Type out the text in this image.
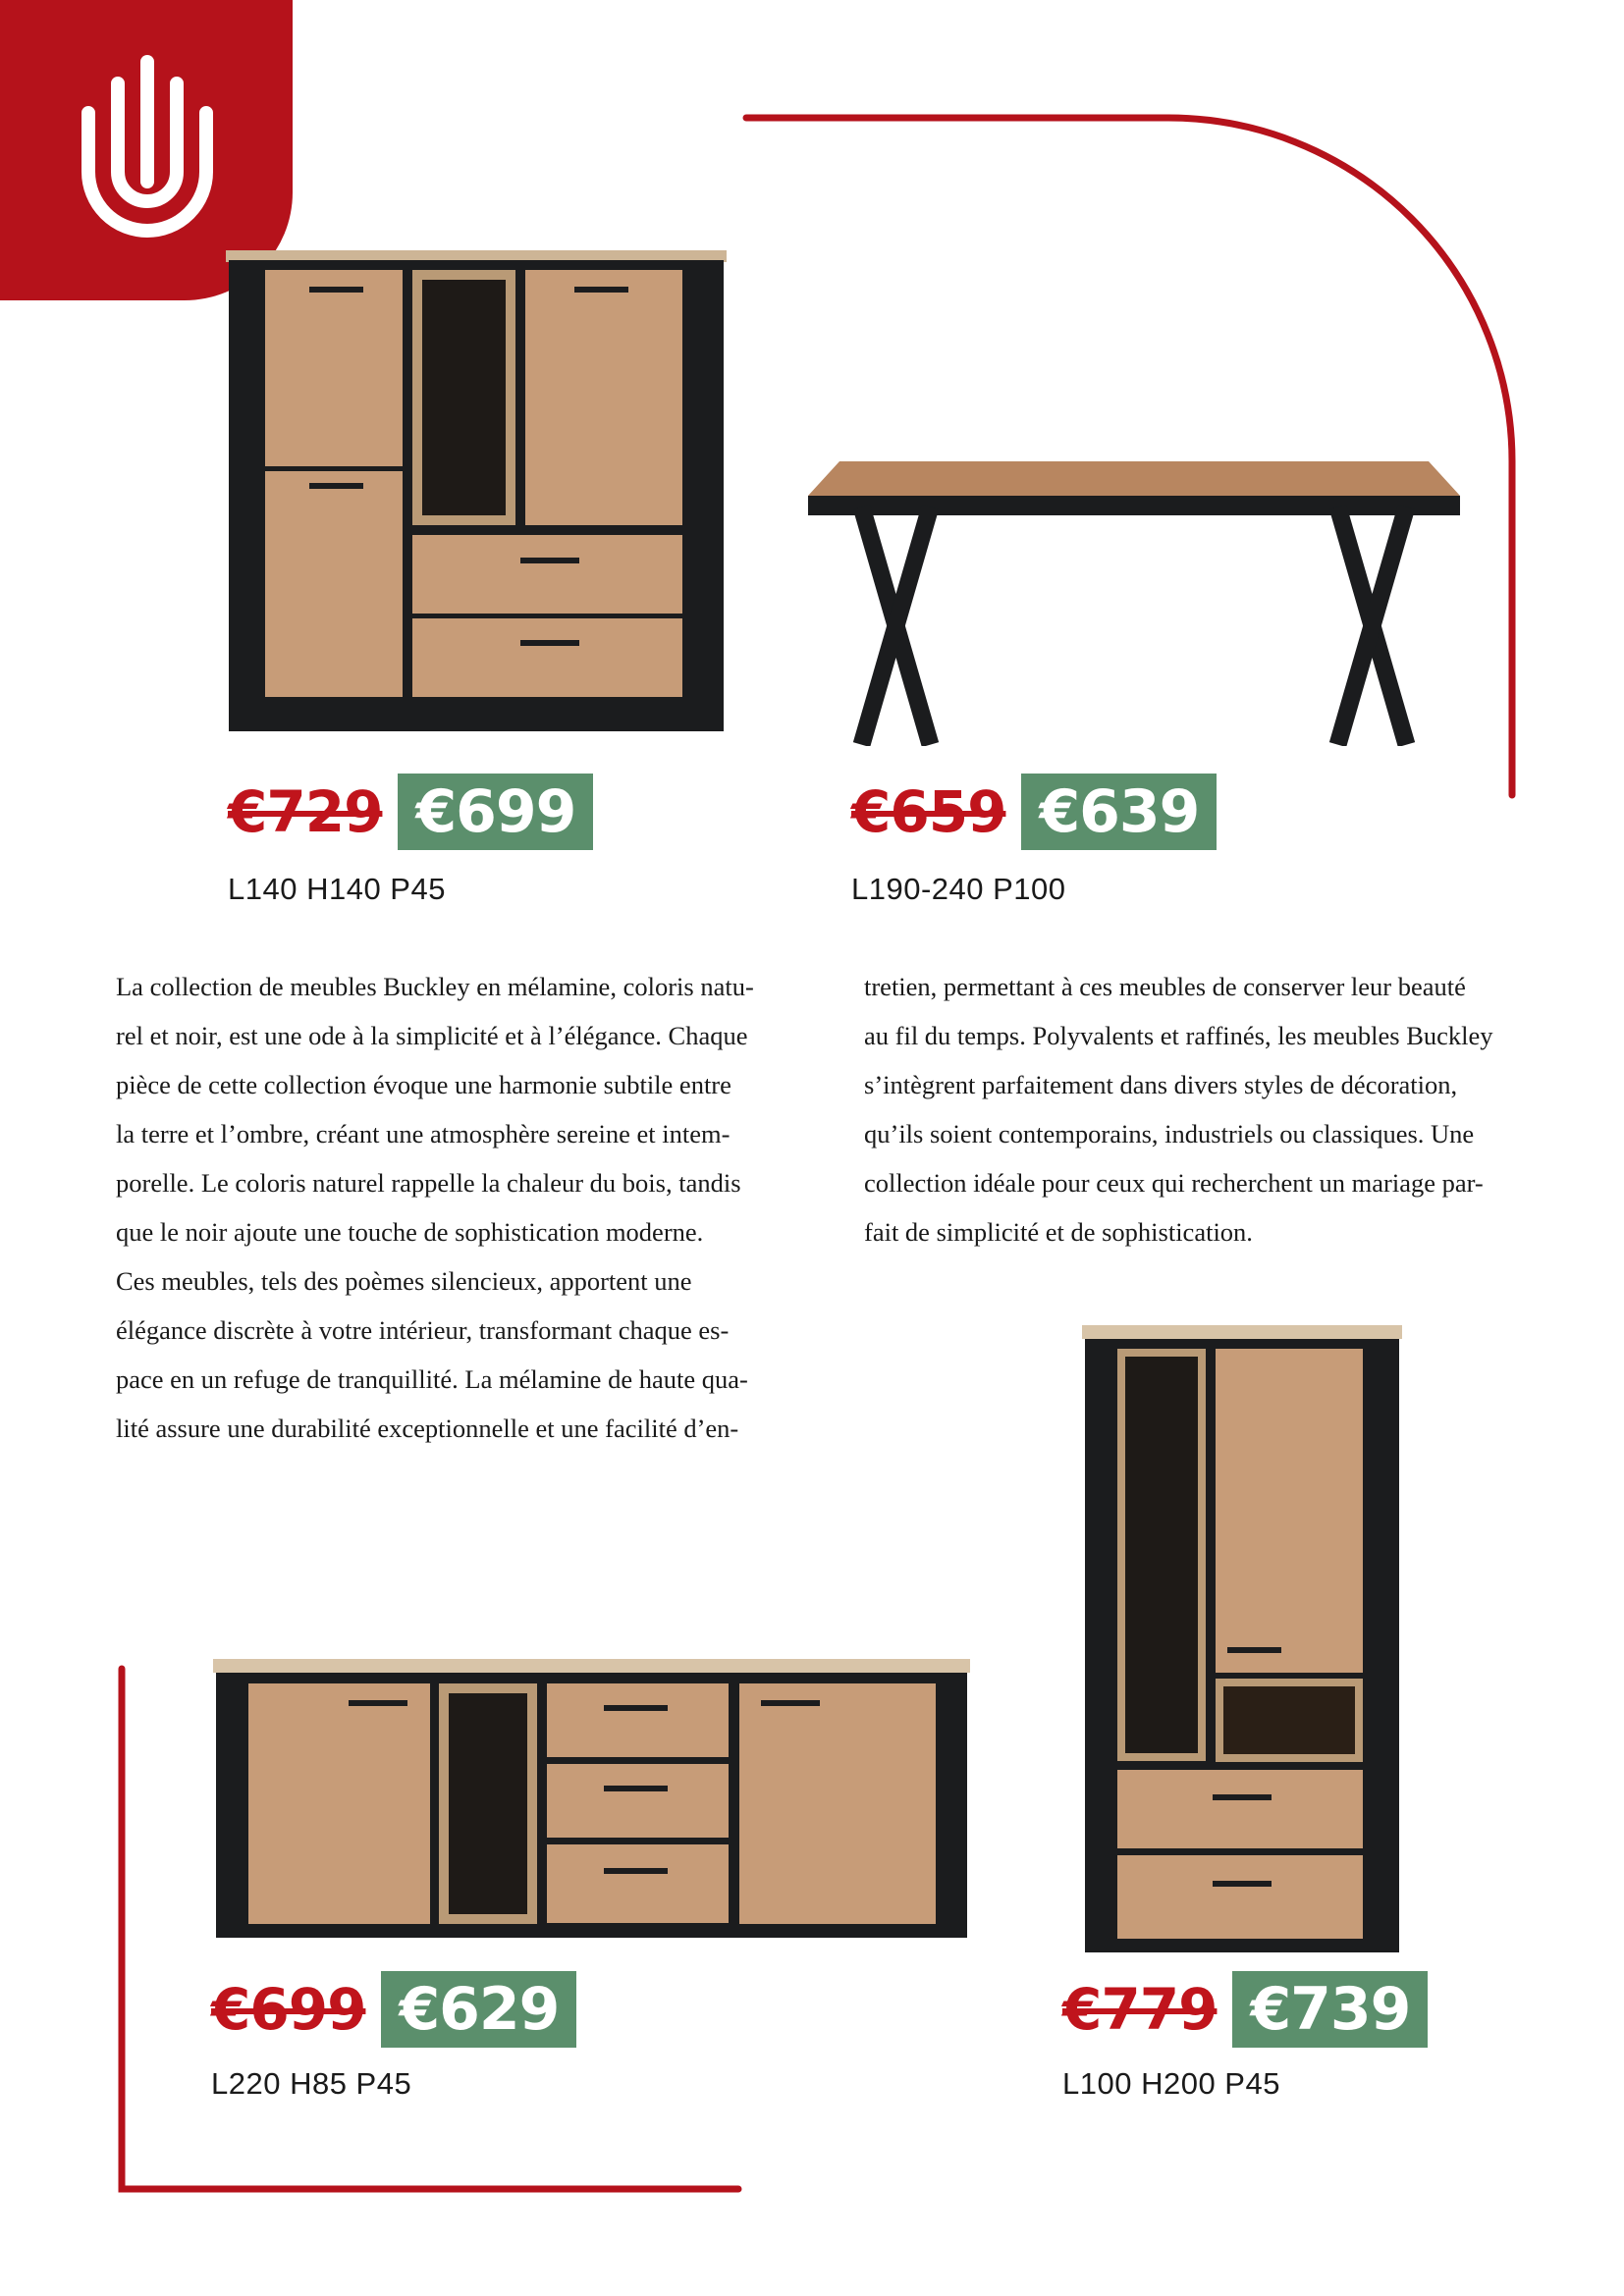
€729 €699
L140 H140 P45
€659 €639
L190-240 P100

La collection de meubles Buckley en mélamine, coloris natu-

rel et noir, est une ode à la simplicité et à l’élégance. Chaque

pièce de cette collection évoque une harmonie subtile entre

la terre et l’ombre, créant une atmosphère sereine et intem-

porelle. Le coloris naturel rappelle la chaleur du bois, tandis

que le noir ajoute une touche de sophistication moderne.

Ces meubles, tels des poèmes silencieux, apportent une

élégance discrète à votre intérieur, transformant chaque es-

pace en un refuge de tranquillité. La mélamine de haute qua-

lité assure une durabilité exceptionnelle et une facilité d’en-

tretien, permettant à ces meubles de conserver leur beauté

au fil du temps. Polyvalents et raffinés, les meubles Buckley

s’intègrent parfaitement dans divers styles de décoration,

qu’ils soient contemporains, industriels ou classiques. Une

collection idéale pour ceux qui recherchent un mariage par-

fait de simplicité et de sophistication.

€699 €629
L220 H85 P45
€779 €739
L100 H200 P45
